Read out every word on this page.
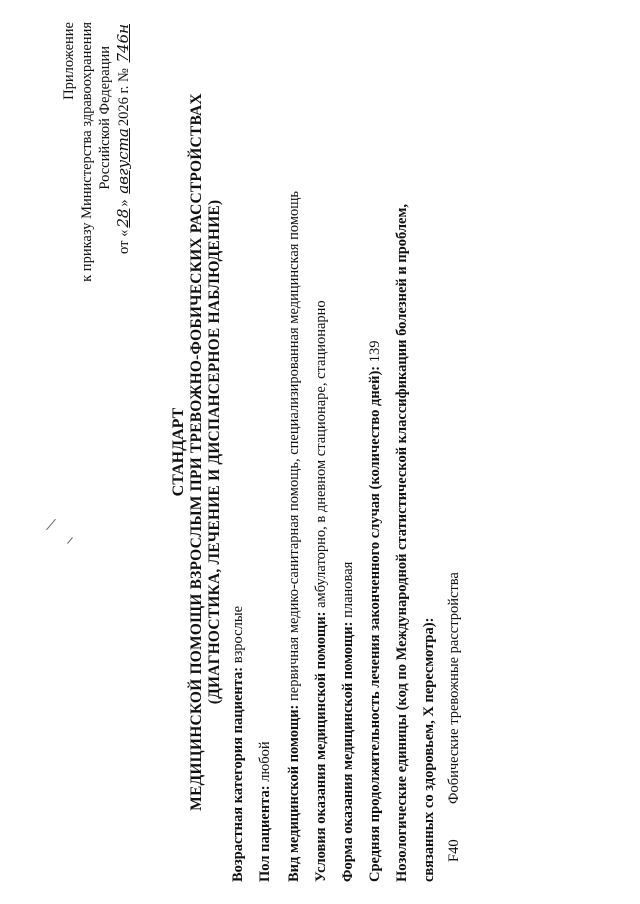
Приложение к приказу Министерства здравоохранения Российской Федерации
от «28» августа2026 г. № 746н
СТАНДАРТ МЕДИЦИНСКОЙ ПОМОЩИ ВЗРОСЛЫМ ПРИ ТРЕВОЖНО-ФОБИЧЕСКИХ РАССТРОЙСТВАХ (ДИАГНОСТИКА, ЛЕЧЕНИЕ И ДИСПАНСЕРНОЕ НАБЛЮДЕНИЕ)
Возрастная категория пациента: взрослые
Пол пациента: любой Вид медицинской помощи: первичная медико-санитарная помощь, специализированная медицинская помощь
Условия оказания медицинской помощи: амбулаторно, в дневном стационаре, стационарно
Форма оказания медицинской помощи: плановая Средняя продолжительность лечения законченного случая (количество дней): 139 Нозологические единицы (код по Международной статистической классификации болезней и проблем, связанных со здоровьем, X пересмотра): F40Фобические тревожные расстройства
